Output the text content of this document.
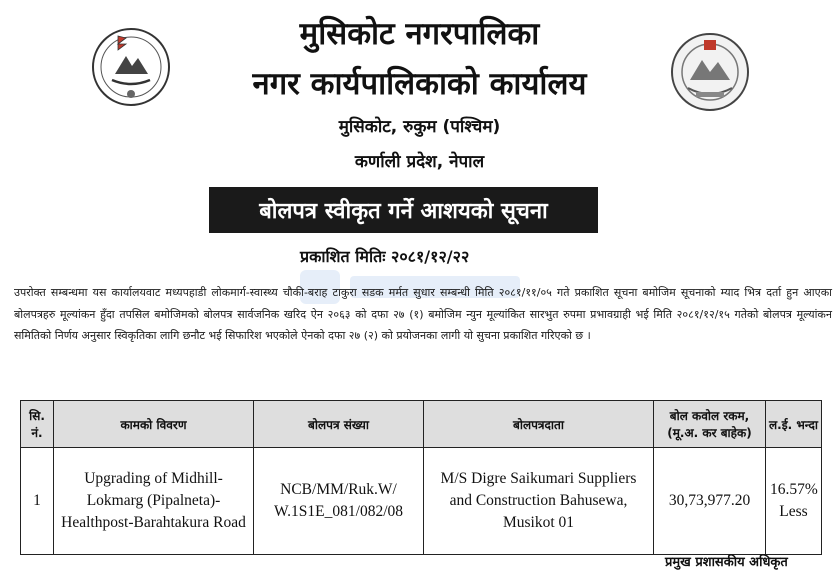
मुसिकोट नगरपालिका
नगर कार्यपालिकाको कार्यालय
मुसिकोट, रुकुम (पश्चिम)
कर्णाली प्रदेश, नेपाल
बोलपत्र स्वीकृत गर्ने आशयको सूचना
प्रकाशित मितिः २०८१/१२/२२
उपरोक्त सम्बन्धमा यस कार्यालयवाट मध्यपहाडी लोकमार्ग-स्वास्थ्य चौकी-बराह टाकुरा सडक मर्मत सुधार सम्बन्धी मिति २०८१/११/०५ गते प्रकाशित सूचना बमोजिम सूचनाको म्याद भित्र दर्ता हुन आएका बोलपत्रहरु मूल्यांकन हुँदा तपसिल बमोजिमको बोलपत्र सार्वजनिक खरिद ऐन २०६३ को दफा २७ (१) बमोजिम न्युन मूल्यांकित सारभुत रुपमा प्रभावग्राही भई मिति २०८१/१२/१५ गतेको बोलपत्र मूल्यांकन समितिको निर्णय अनुसार स्विकृतिका लागि छनौट भई सिफारिश भएकोले ऐनको दफा २७ (२) को प्रयोजनका लागी यो सुचना प्रकाशित गरिएको छ ।
सि. नं.	कामको विवरण	बोलपत्र संख्या	बोलपत्रदाता	बोल कवोल रकम, (मू.अ. कर बाहेक)	ल.ई. भन्दा
1	Upgrading of Midhill-Lokmarg (Pipalneta)-Healthpost-Barahtakura Road	NCB/MM/Ruk.W/ W.1S1E_081/082/08	M/S Digre Saikumari Suppliers and Construction Bahusewa, Musikot 01	30,73,977.20	16.57% Less
प्रमुख प्रशासकीय अधिकृत
